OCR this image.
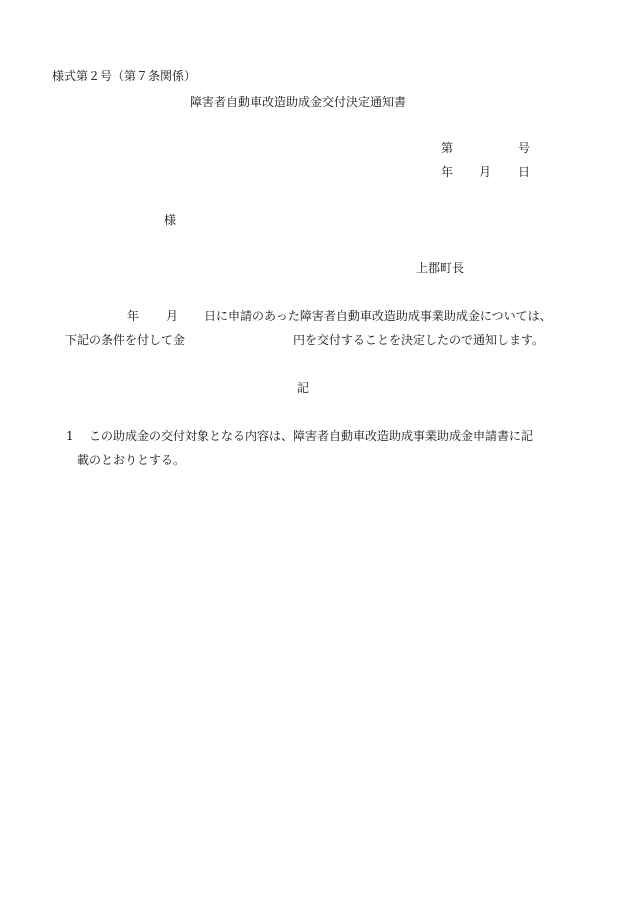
様式第２号（第７条関係）
障害者自動車改造助成金交付決定通知書
第	号
年 月 日
様
上郡町長
年 月 日に申請のあった障害者自動車改造助成事業助成金については、
下記の条件を付して金	円を交付することを決定したので通知します。
記
1 この助成金の交付対象となる内容は、障害者自動車改造助成事業助成金申請書に記
載のとおりとする。
